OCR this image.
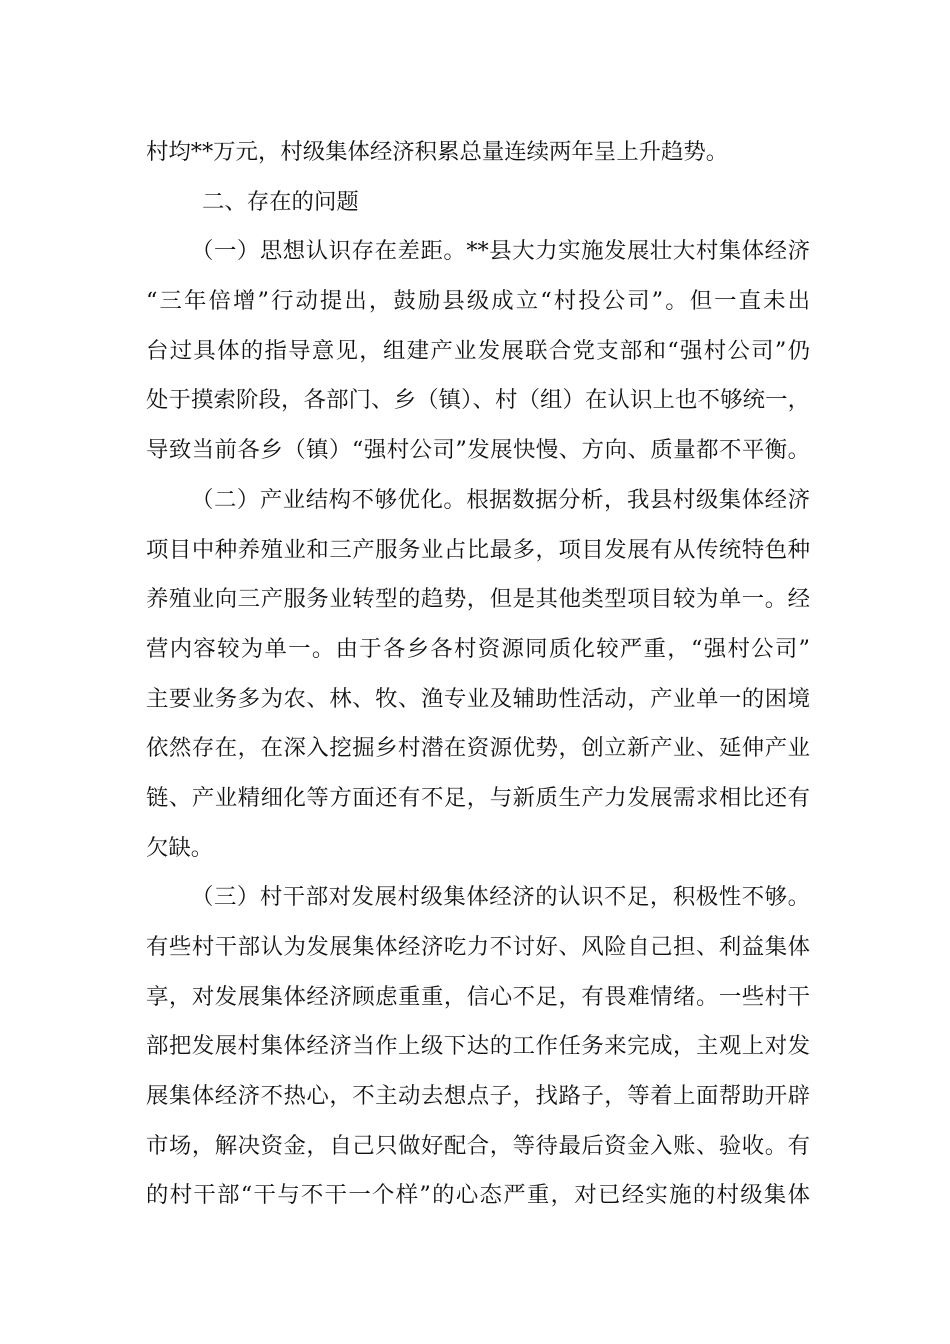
村均**万元，村级集体经济积累总量连续两年呈上升趋势。
二、存在的问题
（一）思想认识存在差距。**县大力实施发展壮大村集体经济
“三年倍增”行动提出，鼓励县级成立“村投公司”。但一直未出
台过具体的指导意见，组建产业发展联合党支部和“强村公司”仍
处于摸索阶段，各部门、乡（镇）、村（组）在认识上也不够统一，
导致当前各乡（镇）“强村公司”发展快慢、方向、质量都不平衡。
（二）产业结构不够优化。根据数据分析，我县村级集体经济
项目中种养殖业和三产服务业占比最多，项目发展有从传统特色种
养殖业向三产服务业转型的趋势，但是其他类型项目较为单一。经
营内容较为单一。由于各乡各村资源同质化较严重，“强村公司”
主要业务多为农、林、牧、渔专业及辅助性活动，产业单一的困境
依然存在，在深入挖掘乡村潜在资源优势，创立新产业、延伸产业
链、产业精细化等方面还有不足，与新质生产力发展需求相比还有
欠缺。
（三）村干部对发展村级集体经济的认识不足，积极性不够。
有些村干部认为发展集体经济吃力不讨好、风险自己担、利益集体
享，对发展集体经济顾虑重重，信心不足，有畏难情绪。一些村干
部把发展村集体经济当作上级下达的工作任务来完成，主观上对发
展集体经济不热心，不主动去想点子，找路子，等着上面帮助开辟
市场，解决资金，自己只做好配合，等待最后资金入账、验收。有
的村干部“干与不干一个样”的心态严重，对已经实施的村级集体
